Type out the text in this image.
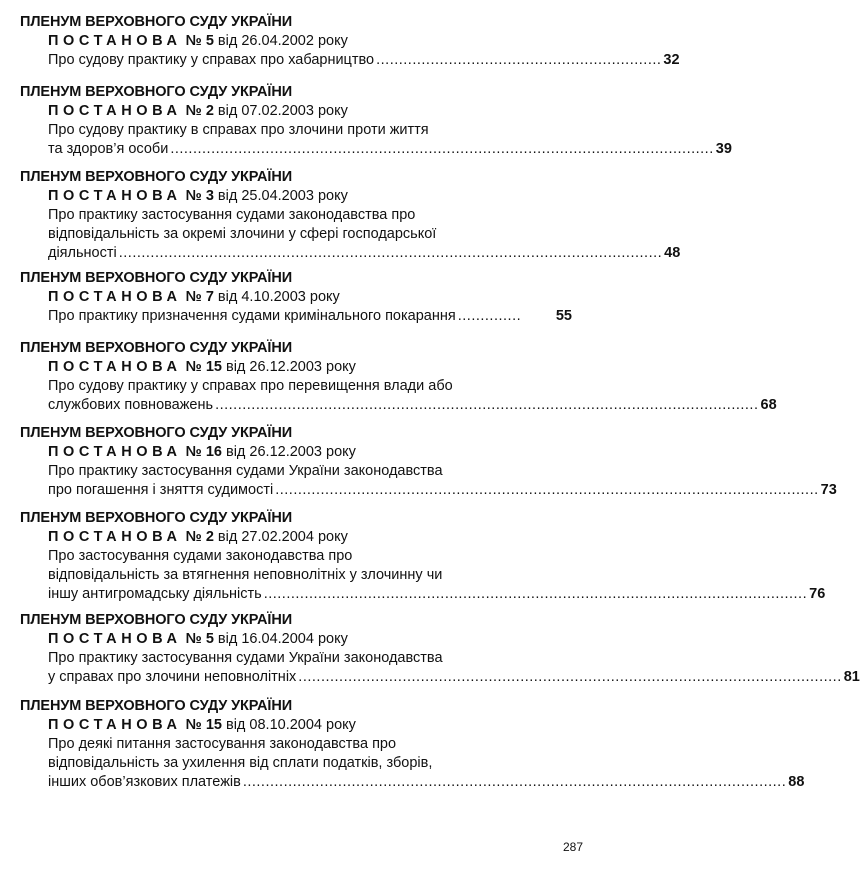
ПЛЕНУМ ВЕРХОВНОГО СУДУ УКРАЇНИ
ПОСТАНОВА № 5 від 26.04.2002 року
Про судову практику у справах про хабарництво ............................................................... 32
ПЛЕНУМ ВЕРХОВНОГО СУДУ УКРАЇНИ
ПОСТАНОВА № 2 від 07.02.2003 року
Про судову практику в справах про злочини проти життя
та здоров’я особи ........................................................................................................................ 39
ПЛЕНУМ ВЕРХОВНОГО СУДУ УКРАЇНИ
ПОСТАНОВА № 3 від 25.04.2003 року
Про практику застосування судами законодавства про
відповідальність за окремі злочини у сфері господарської
діяльності ........................................................................................................................ 48
ПЛЕНУМ ВЕРХОВНОГО СУДУ УКРАЇНИ
ПОСТАНОВА № 7 від 4.10.2003 року
Про практику призначення судами кримінального покарання ..............	55
ПЛЕНУМ ВЕРХОВНОГО СУДУ УКРАЇНИ
ПОСТАНОВА № 15 від 26.12.2003 року
Про судову практику у справах про перевищення влади або
службових повноважень ........................................................................................................................ 68
ПЛЕНУМ ВЕРХОВНОГО СУДУ УКРАЇНИ
ПОСТАНОВА № 16 від 26.12.2003 року
Про практику застосування судами України законодавства
про погашення і зняття судимості ........................................................................................................................ 73
ПЛЕНУМ ВЕРХОВНОГО СУДУ УКРАЇНИ
ПОСТАНОВА № 2 від 27.02.2004 року
Про застосування судами законодавства про
відповідальність за втягнення неповнолітніх у злочинну чи
іншу антигромадську діяльність ........................................................................................................................ 76
ПЛЕНУМ ВЕРХОВНОГО СУДУ УКРАЇНИ
ПОСТАНОВА № 5 від 16.04.2004 року
Про практику застосування судами України законодавства
у справах про злочини неповнолітніх ........................................................................................................................ 81
ПЛЕНУМ ВЕРХОВНОГО СУДУ УКРАЇНИ
ПОСТАНОВА № 15 від 08.10.2004 року
Про деякі питання застосування законодавства про
відповідальність за ухилення від сплати податків, зборів,
інших обов’язкових платежів ........................................................................................................................ 88
287
